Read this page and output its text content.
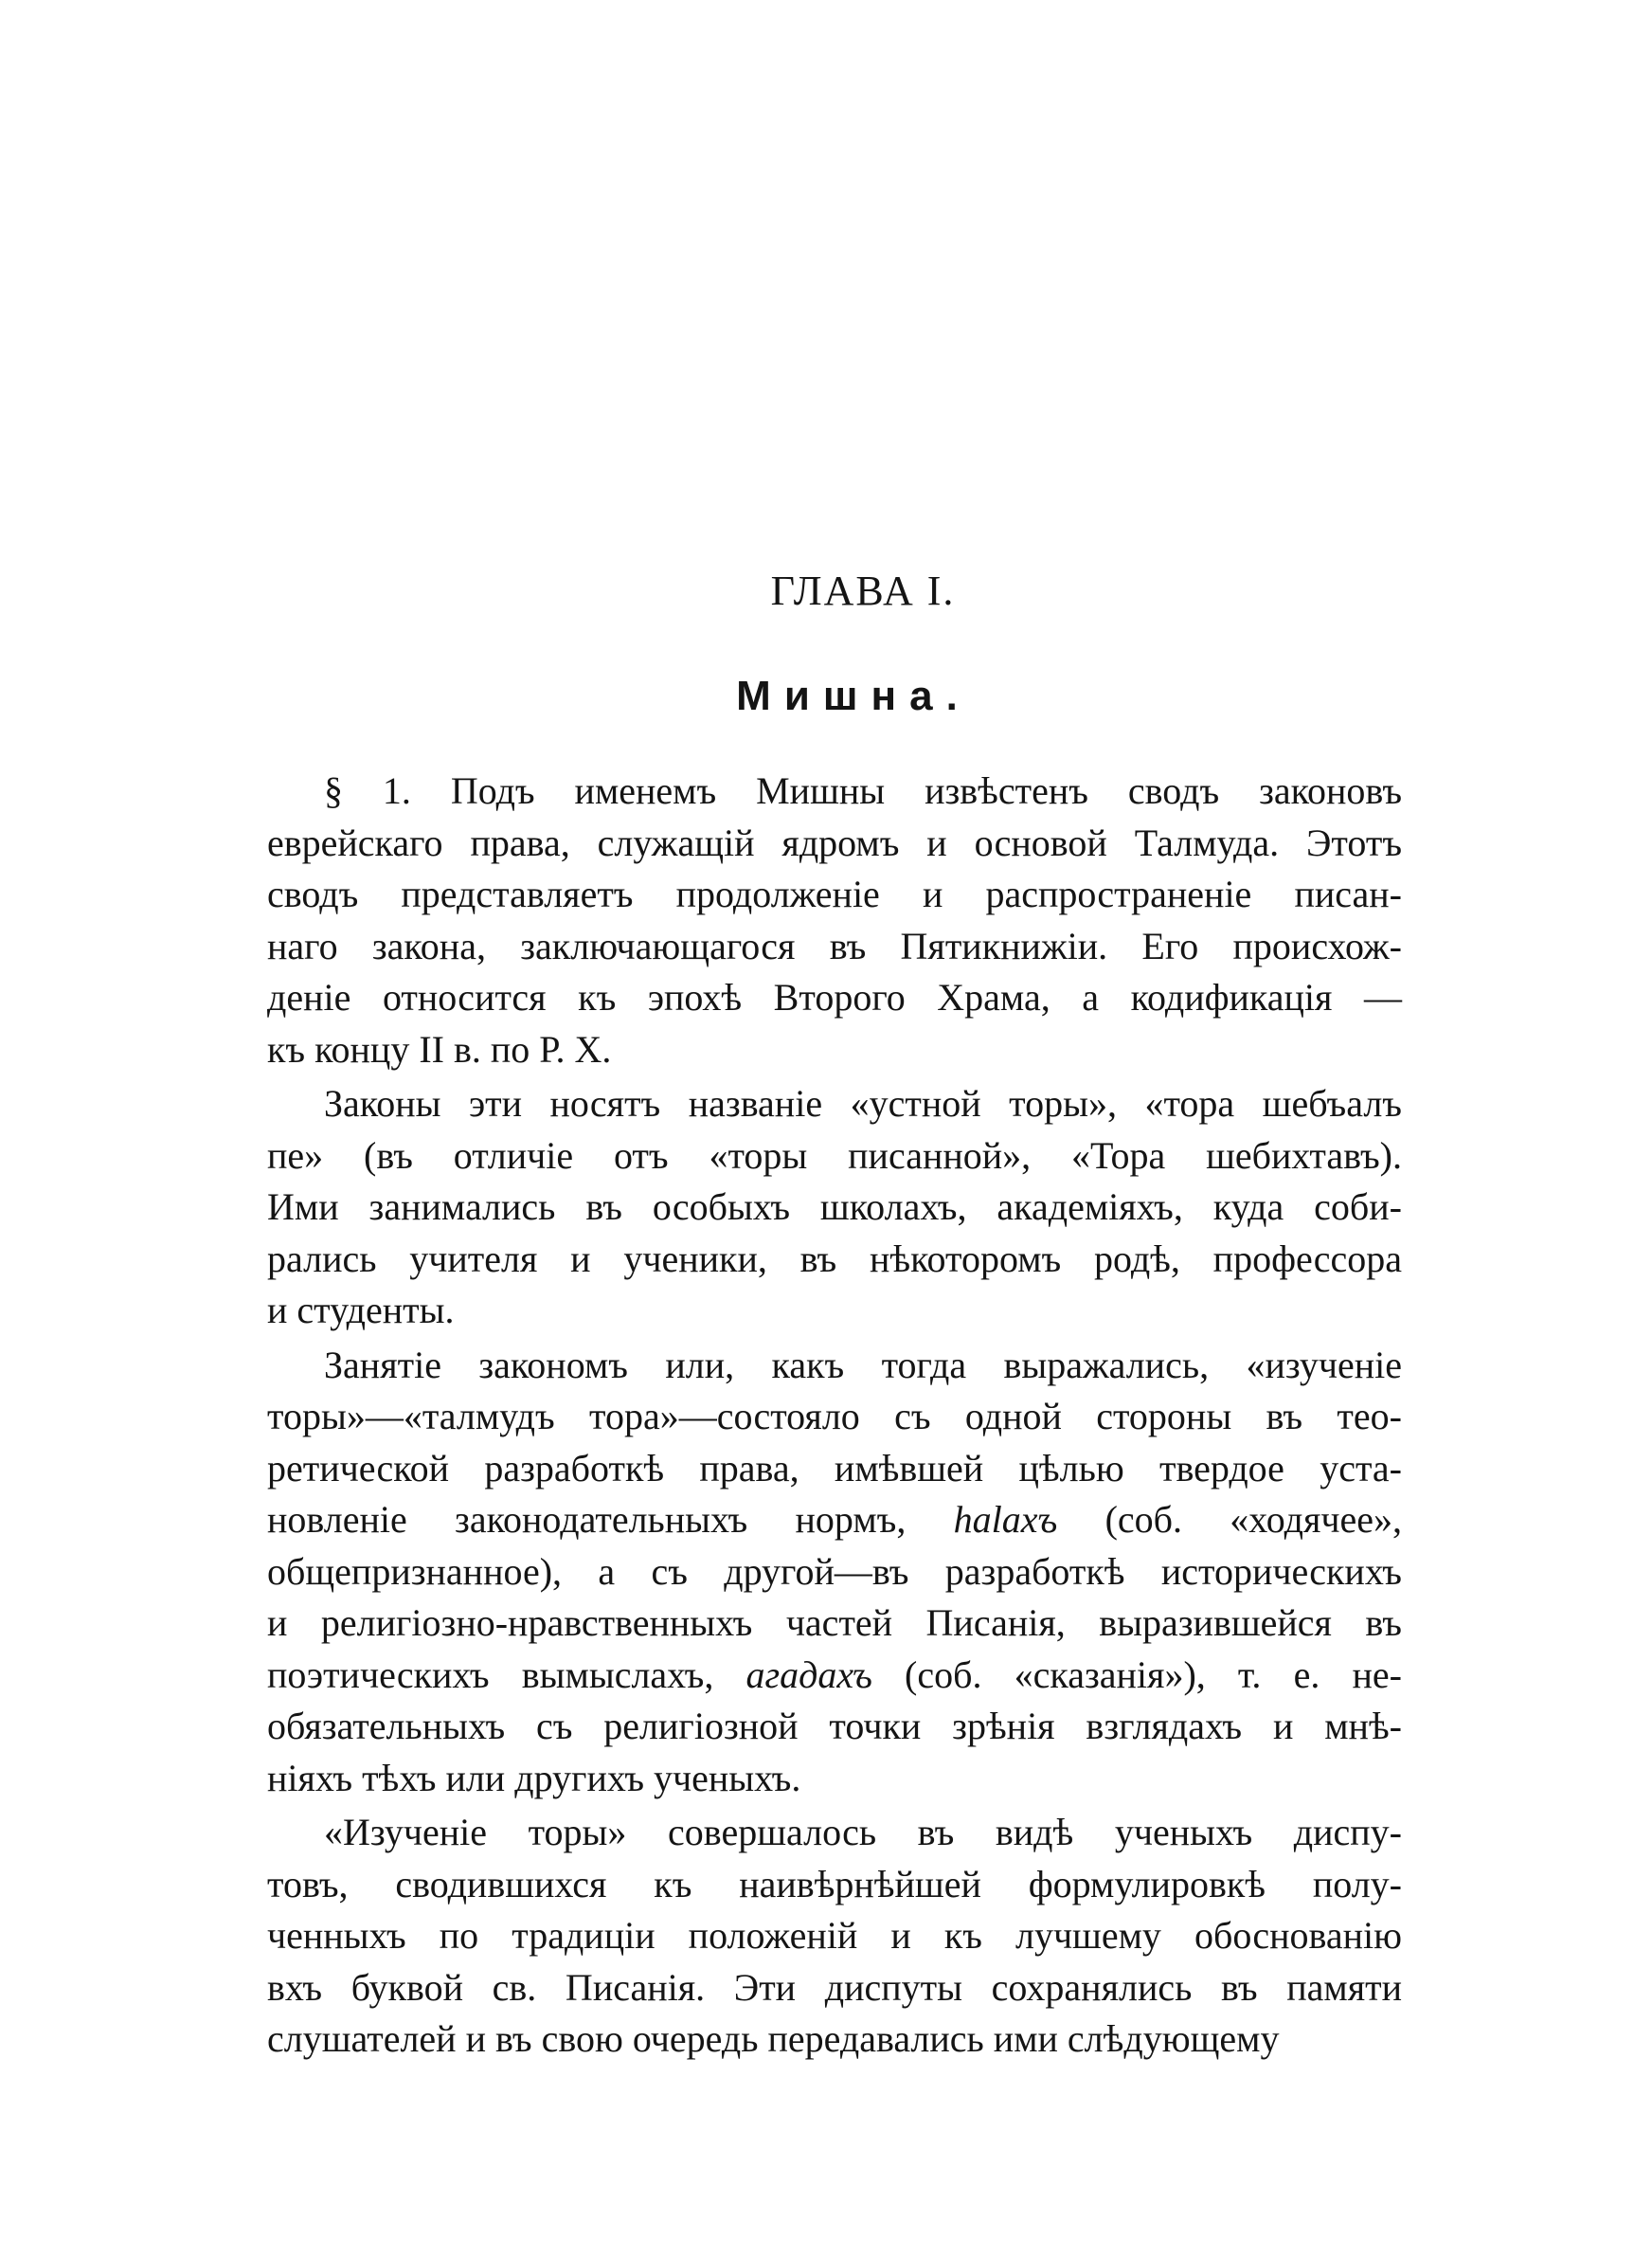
ГЛАВА I.
Мишна.
§ 1. Подъ именемъ Мишны извѣстенъ сводъ законовъ
еврейскаго права, служащій ядромъ и основой Талмуда. Этотъ
сводъ представляетъ продолженіе и распространеніе писан-
наго закона, заключающагося въ Пятикнижіи. Его происхож-
деніе относится къ эпохѣ Второго Храма, а кодификація —
къ концу II в. по Р. Х.
Законы эти носятъ названіе «устной торы», «тора шебъалъ
пе» (въ отличіе отъ «торы писанной», «Тора шебихтавъ).
Ими занимались въ особыхъ школахъ, академіяхъ, куда соби-
рались учителя и ученики, въ нѣкоторомъ родѣ, профессора
и студенты.
Занятіе закономъ или, какъ тогда выражались, «изученіе
торы»—«талмудъ тора»—состояло съ одной стороны въ тео-
ретической разработкѣ права, имѣвшей цѣлью твердое уста-
новленіе законодательныхъ нормъ, halaxъ (соб. «ходячее»,
общепризнанное), а съ другой—въ разработкѣ историческихъ
и религіозно-нравственныхъ частей Писанія, выразившейся въ
поэтическихъ вымыслахъ, агадахъ (соб. «сказанія»), т. е. не-
обязательныхъ съ религіозной точки зрѣнія взглядахъ и мнѣ-
ніяхъ тѣхъ или другихъ ученыхъ.
«Изученіе торы» совершалось въ видѣ ученыхъ диспу-
товъ, сводившихся къ наивѣрнѣйшей формулировкѣ полу-
ченныхъ по традиціи положеній и къ лучшему обоснованію
вхъ буквой св. Писанія. Эти диспуты сохранялись въ памяти
слушателей и въ свою очередь передавались ими слѣдующему
